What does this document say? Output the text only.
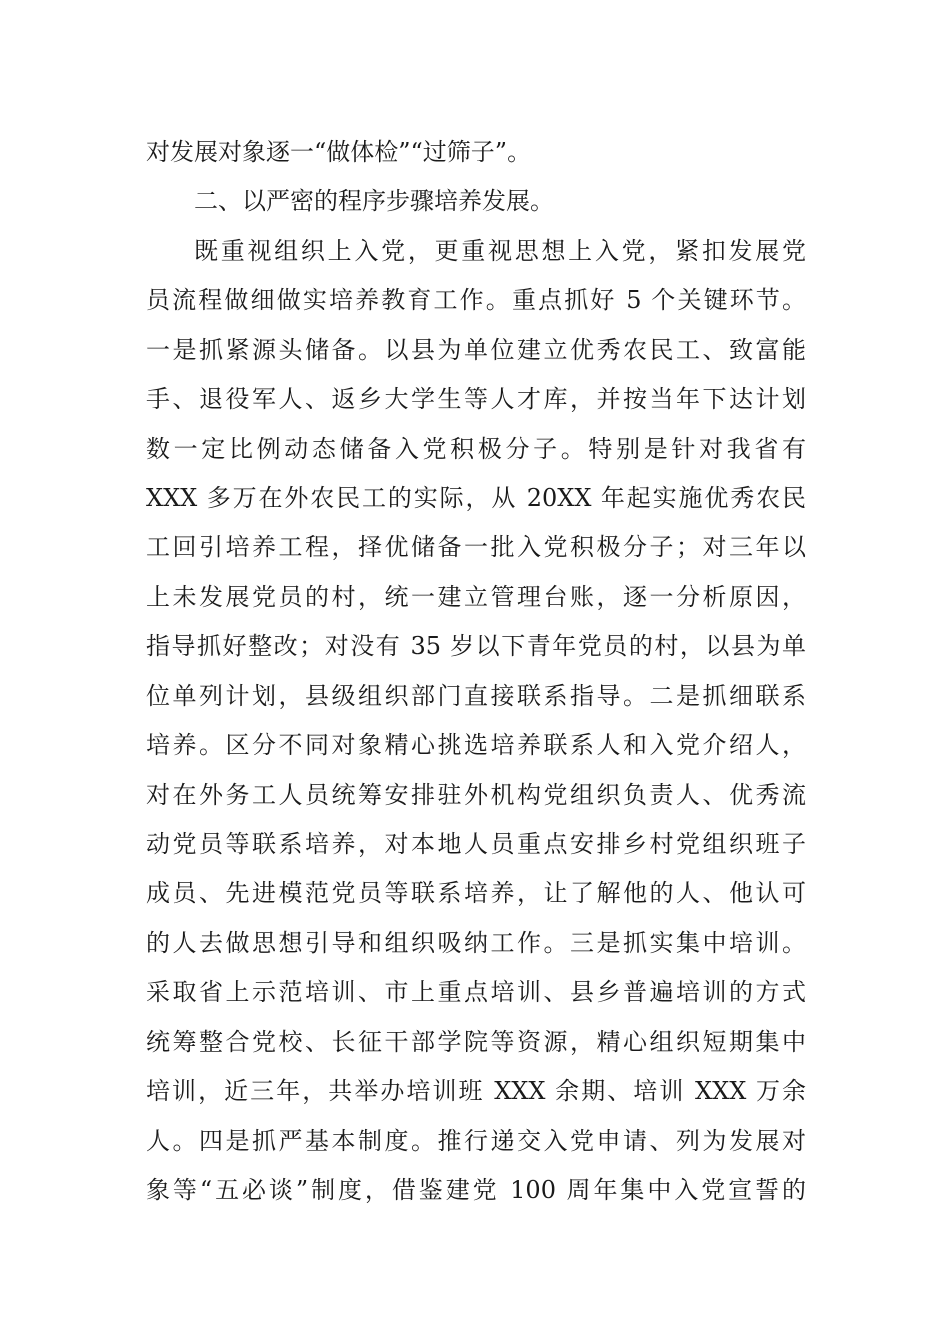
对发展对象逐一“做体检”“过筛子”。
二、以严密的程序步骤培养发展。
既重视组织上入党，更重视思想上入党，紧扣发展党
员流程做细做实培养教育工作。重点抓好 5 个关键环节。
一是抓紧源头储备。以县为单位建立优秀农民工、致富能
手、退役军人、返乡大学生等人才库，并按当年下达计划
数一定比例动态储备入党积极分子。特别是针对我省有
XXX 多万在外农民工的实际，从 20XX 年起实施优秀农民
工回引培养工程，择优储备一批入党积极分子；对三年以
上未发展党员的村，统一建立管理台账，逐一分析原因，
指导抓好整改；对没有 35 岁以下青年党员的村，以县为单
位单列计划，县级组织部门直接联系指导。二是抓细联系
培养。区分不同对象精心挑选培养联系人和入党介绍人，
对在外务工人员统筹安排驻外机构党组织负责人、优秀流
动党员等联系培养，对本地人员重点安排乡村党组织班子
成员、先进模范党员等联系培养，让了解他的人、他认可
的人去做思想引导和组织吸纳工作。三是抓实集中培训。
采取省上示范培训、市上重点培训、县乡普遍培训的方式
统筹整合党校、长征干部学院等资源，精心组织短期集中
培训，近三年，共举办培训班 XXX 余期、培训 XXX 万余
人。四是抓严基本制度。推行递交入党申请、列为发展对
象等“五必谈”制度，借鉴建党 100 周年集中入党宣誓的
